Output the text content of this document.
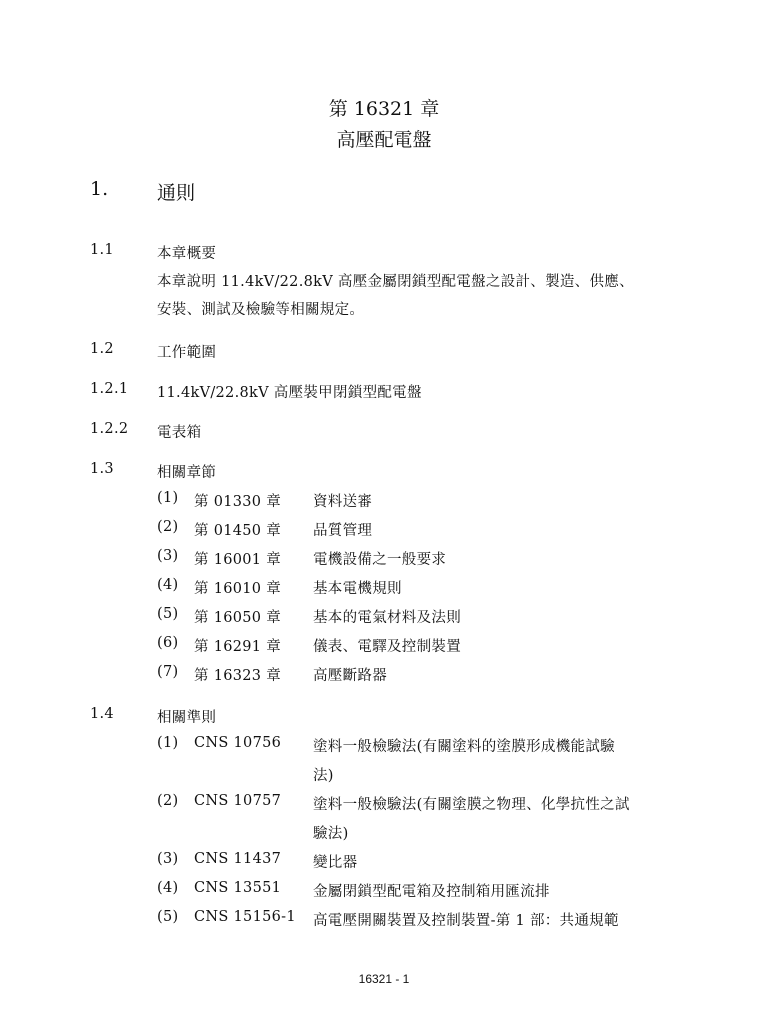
第 16321 章
高壓配電盤
1.	通則
1.1	本章概要
本章說明 11.4kV/22.8kV 高壓金屬閉鎖型配電盤之設計、製造、供應、
安裝、測試及檢驗等相關規定。
1.2	工作範圍
1.2.1 11.4kV/22.8kV 高壓裝甲閉鎖型配電盤
1.2.2 電表箱
1.3	相關章節
(1) 第 01330 章 資料送審
(2) 第 01450 章 品質管理
(3) 第 16001 章 電機設備之一般要求
(4) 第 16010 章 基本電機規則
(5) 第 16050 章 基本的電氣材料及法則
(6) 第 16291 章 儀表、電驛及控制裝置
(7) 第 16323 章 高壓斷路器
1.4	相關準則
(1) CNS 10756 塗料一般檢驗法(有關塗料的塗膜形成機能試驗
法)
(2) CNS 10757 塗料一般檢驗法(有關塗膜之物理、化學抗性之試
驗法)
(3) CNS 11437 變比器
(4) CNS 13551 金屬閉鎖型配電箱及控制箱用匯流排
(5) CNS 15156-1 高電壓開關裝置及控制裝置-第 1 部：共通規範
16321 - 1
